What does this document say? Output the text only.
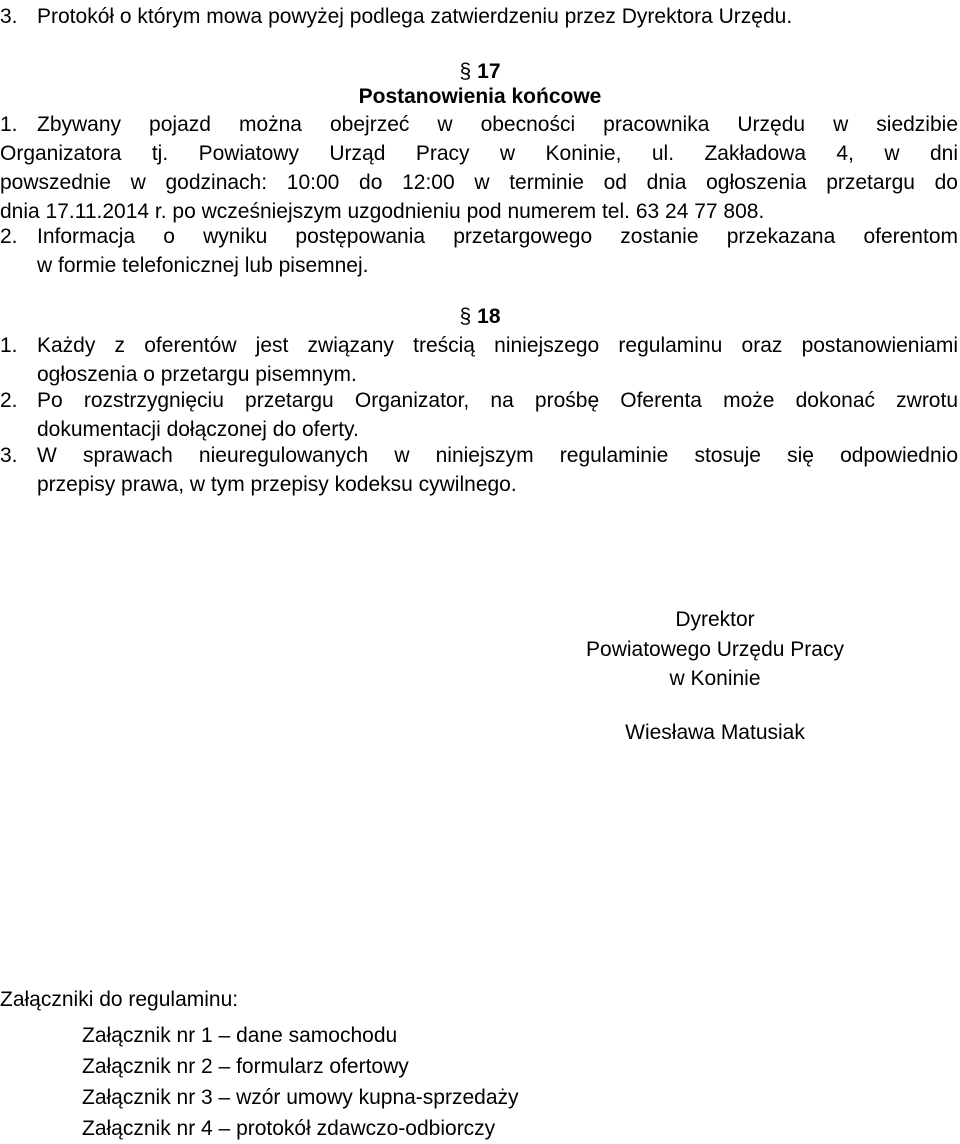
3. Protokół o którym mowa powyżej podlega zatwierdzeniu przez Dyrektora Urzędu.
§ 17
Postanowienia końcowe
1. Zbywany pojazd można obejrzeć w obecności pracownika Urzędu w siedzibie
Organizatora tj. Powiatowy Urząd Pracy w Koninie, ul. Zakładowa 4, w dni
powszednie w godzinach: 10:00 do 12:00 w terminie od dnia ogłoszenia przetargu do
dnia 17.11.2014 r. po wcześniejszym uzgodnieniu pod numerem tel. 63 24 77 808.
2. Informacja o wyniku postępowania przetargowego zostanie przekazana oferentom
w formie telefonicznej lub pisemnej.
§ 18
1. Każdy z oferentów jest związany treścią niniejszego regulaminu oraz postanowieniami
ogłoszenia o przetargu pisemnym.
2. Po rozstrzygnięciu przetargu Organizator, na prośbę Oferenta może dokonać zwrotu
dokumentacji dołączonej do oferty.
3. W sprawach nieuregulowanych w niniejszym regulaminie stosuje się odpowiednio
przepisy prawa, w tym przepisy kodeksu cywilnego.
Dyrektor
Powiatowego Urzędu Pracy
w Koninie
Wiesława Matusiak
Załączniki do regulaminu:
Załącznik nr 1 – dane samochodu
Załącznik nr 2 – formularz ofertowy
Załącznik nr 3 – wzór umowy kupna-sprzedaży
Załącznik nr 4 – protokół zdawczo-odbiorczy
